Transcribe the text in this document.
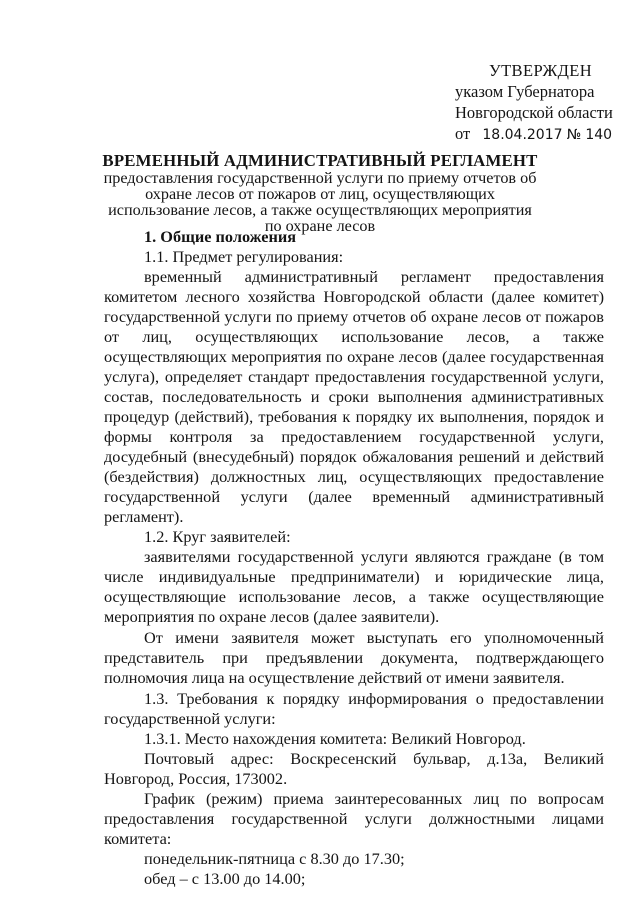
УТВЕРЖДЕН
указом Губернатора
Новгородской области
от 18.04.2017 № 140
ВРЕМЕННЫЙ АДМИНИСТРАТИВНЫЙ РЕГЛАМЕНТ
предоставления государственной услуги по приему отчетов об охране лесов от пожаров от лиц, осуществляющих использование лесов, а также осуществляющих мероприятия по охране лесов

1. Общие положения

1.1. Предмет регулирования:

временный административный регламент предоставления комитетом лесного хозяйства Новгородской области (далее комитет) государственной услуги по приему отчетов об охране лесов от пожаров от лиц, осуществляющих использование лесов, а также осуществляющих мероприятия по охране лесов (далее государственная услуга), определяет стандарт предоставления государственной услуги, состав, последовательность и сроки выполнения административных процедур (действий), требования к порядку их выполнения, порядок и формы контроля за предоставлением государственной услуги, досудебный (внесудебный) порядок обжалования решений и действий (бездействия) должностных лиц, осуществляющих предоставление государственной услуги (далее временный административный регламент).

1.2. Круг заявителей:

заявителями государственной услуги являются граждане (в том числе индивидуальные предприниматели) и юридические лица, осуществляющие использование лесов, а также осуществляющие мероприятия по охране лесов (далее заявители).

От имени заявителя может выступать его уполномоченный представитель при предъявлении документа, подтверждающего полномочия лица на осуществление действий от имени заявителя.

1.3. Требования к порядку информирования о предоставлении государственной услуги:

1.3.1. Место нахождения комитета: Великий Новгород.

Почтовый адрес: Воскресенский бульвар, д.13а, Великий Новгород, Россия, 173002.

График (режим) приема заинтересованных лиц по вопросам предоставления государственной услуги должностными лицами комитета:

понедельник-пятница с 8.30 до 17.30;

обед – с 13.00 до 14.00;
